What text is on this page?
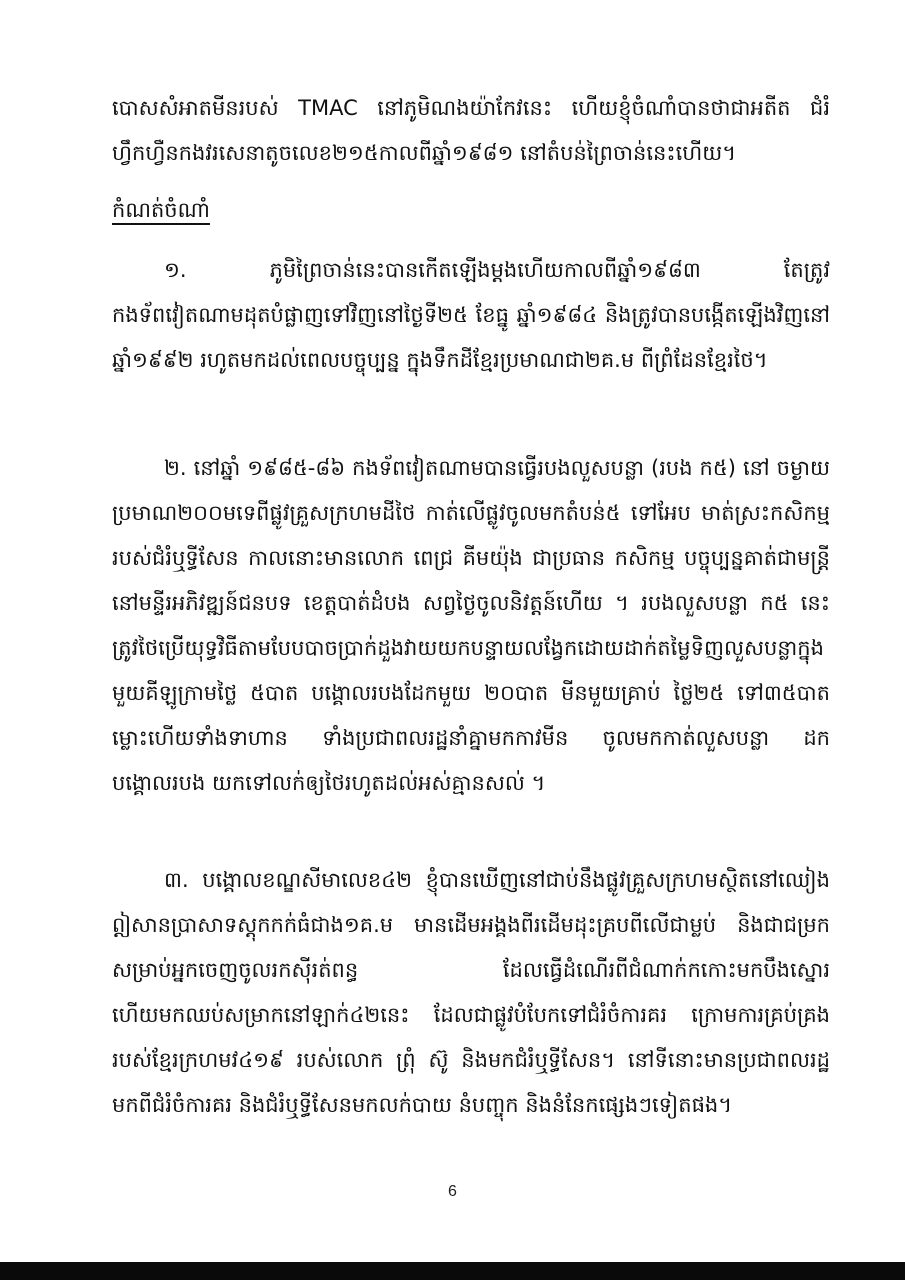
បោសសំអាតមីនរបស់ TMAC នៅភូមិណងយ៉ាកែវនេះ ហើយខ្ញុំចំណាំបានថាជាអតីត ជំរំហ្វឹកហ្វឺនកងវរសេនាតូចលេខ២១៥កាលពីឆ្នាំ១៩៨១ នៅតំបន់ព្រៃចាន់នេះហើយ។
កំណត់ចំណាំ
១. ភូមិព្រៃចាន់នេះបានកើតឡើងម្តងហើយកាលពីឆ្នាំ១៩៨៣ តែត្រូវកងទ័ពវៀតណាមដុតបំផ្លាញទៅវិញនៅថ្ងៃទី២៥ ខែធ្នូ ឆ្នាំ១៩៨៤ និងត្រូវបានបង្កើតឡើងវិញនៅឆ្នាំ១៩៩២ រហូតមកដល់ពេលបច្ចុប្បន្ន ក្នុងទឹកដីខ្មែរប្រមាណជា២គ.ម ពីព្រំដែនខ្មែរថៃ។
២. នៅឆ្នាំ ១៩៨៥-៨៦ កងទ័ពវៀតណាមបានធ្វើរបងលួសបន្លា (របង ក៥) នៅ ចម្ងាយប្រមាណ២០០មទេពីផ្លូវគ្រួសក្រហមដីថៃ កាត់លើផ្លូវចូលមកតំបន់៥ ទៅអែប មាត់ស្រះកសិកម្មរបស់ជំរំឬទ្ធីសែន កាលនោះមានលោក ពេជ្រ គីមយ៉ុង ជាប្រធាន កសិកម្ម បច្ចុប្បន្នគាត់ជាមន្ត្រីនៅមន្ទីរអភិវឌ្ឍន៍ជនបទ ខេត្តបាត់ដំបង សព្វថ្ងៃចូលនិវត្តន៍ហើយ ។ របងលួសបន្លា ក៥ នេះត្រូវថៃប្រើយុទ្ធវិធីតាមបែបបាចប្រាក់ដួងវាយយកបន្ទាយលង្វែកដោយដាក់តម្លៃទិញលួសបន្លាក្នុងមួយគីឡូក្រាមថ្លៃ ៥បាត បង្គោលរបងដែកមួយ ២០បាត មីនមួយគ្រាប់ ថ្លៃ២៥ ទៅ៣៥បាត ម្លោះហើយទាំងទាហាន ទាំងប្រជាពលរដ្ឋនាំគ្នាមកកាវមីន ចូលមកកាត់លួសបន្លា ដកបង្គោលរបង យកទៅលក់ឲ្យថៃរហូតដល់អស់គ្មានសល់ ។
៣. បង្គោលខណ្ឌសីមាលេខ៤២ ខ្ញុំបានឃើញនៅជាប់នឹងផ្លូវគ្រួសក្រហមស្ថិតនៅឈៀងឦសានប្រាសាទស្តុកកក់ធំជាង១គ.ម មានដើមអង្គងពីរដើមដុះគ្របពីលើជាម្លប់ និងជាជម្រកសម្រាប់អ្នកចេញចូលរកស៊ីរត់ពន្ធ ដែលធ្វើដំណើរពីជំណាក់កកោះមកបឹងស្នោរ ហើយមកឈប់សម្រាកនៅឡាក់៤២នេះ ដែលជាផ្លូវបំបែកទៅជំរំចំការគរ ក្រោមការគ្រប់គ្រងរបស់ខ្មែរក្រហមវ៤១៩ របស់លោក ព្រុំ ស៊ូ និងមកជំរំឬទ្ធីសែន។ នៅទីនោះមានប្រជាពលរដ្ឋមកពីជំរំចំការគរ និងជំរំឬទ្ធីសែនមកលក់បាយ នំបញ្ចុក និងនំនែកផ្សេងៗទៀតផង។
6
